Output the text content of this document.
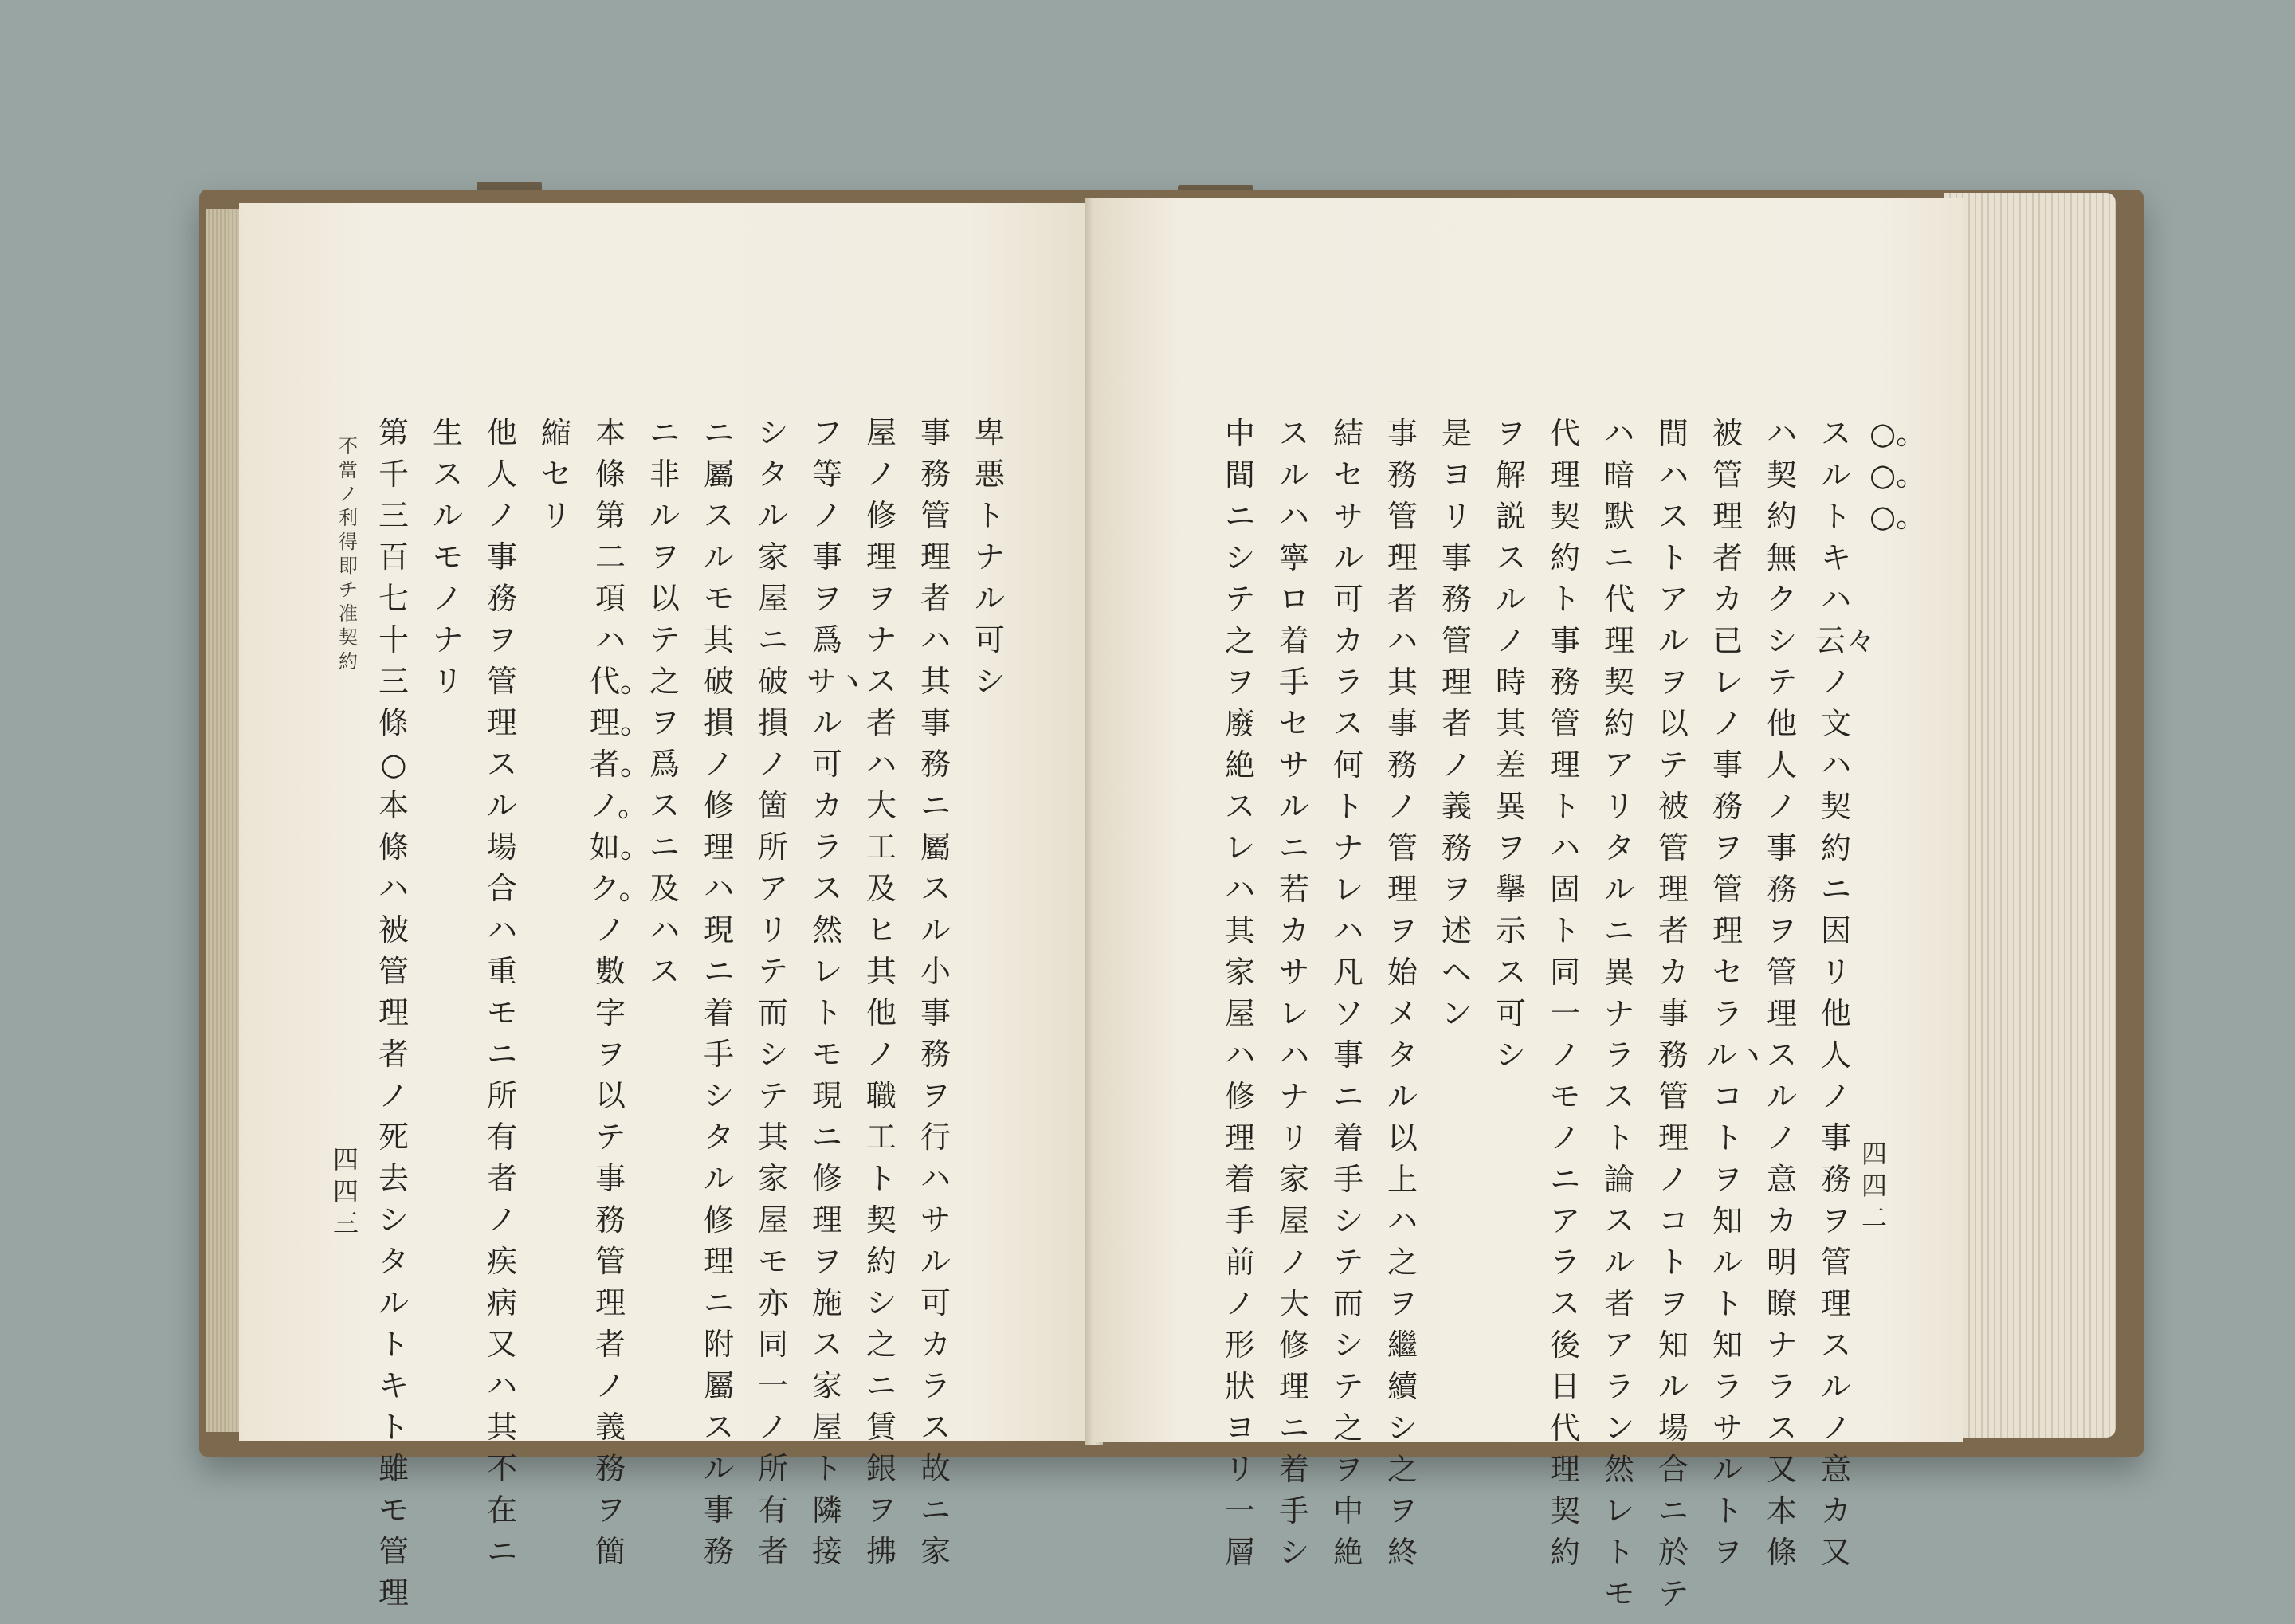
不當ノ利得即チ准契約
第千三百七十三條○本條ハ被管理者ノ死去シタルトキト雖モ管理
生スルモノナリ
他人ノ事務ヲ管理スル場合ハ重モニ所有者ノ疾病又ハ其不在ニ
縮セリ
本條第二項ハ代。理。者。ノ。如。ク。ノ數字ヲ以テ事務管理者ノ義務ヲ簡
ニ非ルヲ以テ之ヲ爲スニ及ハス
ニ屬スルモ其破損ノ修理ハ現ニ着手シタル修理ニ附屬スル事務
シタル家屋ニ破損ノ箇所アリテ而シテ其家屋モ亦同一ノ所有者
フ等ノ事ヲ爲サヽル可カラス然レトモ現ニ修理ヲ施ス家屋ト隣接
屋ノ修理ヲナス者ハ大工及ヒ其他ノ職工ト契約シ之ニ賃銀ヲ拂
事務管理者ハ其事務ニ屬スル小事務ヲ行ハサル可カラス故ニ家
卑悪トナル可シ
四四三
中間ニシテ之ヲ廢絶スレハ其家屋ハ修理着手前ノ形狀ヨリ一層
スルハ寧ロ着手セサルニ若カサレハナリ家屋ノ大修理ニ着手シ
結セサル可カラス何トナレハ凡ソ事ニ着手シテ而シテ之ヲ中絶
事務管理者ハ其事務ノ管理ヲ始メタル以上ハ之ヲ繼續シ之ヲ終
是ヨリ事務管理者ノ義務ヲ述ヘン
ヲ解説スルノ時其差異ヲ擧示ス可シ
代理契約ト事務管理トハ固ト同一ノモノニアラス後日代理契約
ハ暗默ニ代理契約アリタルニ異ナラスト論スル者アラン然レトモ
間ハストアルヲ以テ被管理者カ事務管理ノコトヲ知ル場合ニ於テ
被管理者カ已レノ事務ヲ管理セラルヽコトヲ知ルト知ラサルトヲ
ハ契約無クシテ他人ノ事務ヲ管理スルノ意カ明瞭ナラス又本條
スルトキハ云々ノ文ハ契約ニ因リ他人ノ事務ヲ管理スルノ意カ又
○。○。○。
四四二
